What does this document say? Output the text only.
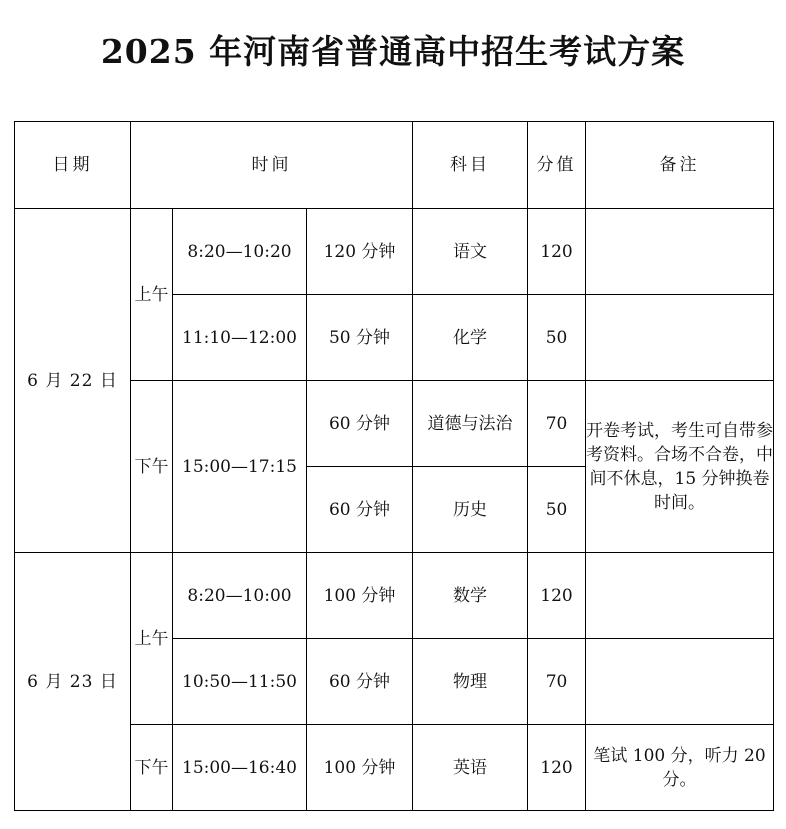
2025 年河南省普通高中招生考试方案
日期	时间			科目	分值	备注
6 月 22 日	上午	8:20—10:20	120 分钟	语文	120	
		11:10—12:00	50 分钟	化学	50	
	下午	15:00—17:15	60 分钟	道德与法治	70	开卷考试，考生可自带参考资料。合场不合卷，中间不休息，15 分钟换卷时间。
			60 分钟	历史	50	
6 月 23 日	上午	8:20—10:00	100 分钟	数学	120	
		10:50—11:50	60 分钟	物理	70	
	下午	15:00—16:40	100 分钟	英语	120	笔试 100 分，听力 20 分。
